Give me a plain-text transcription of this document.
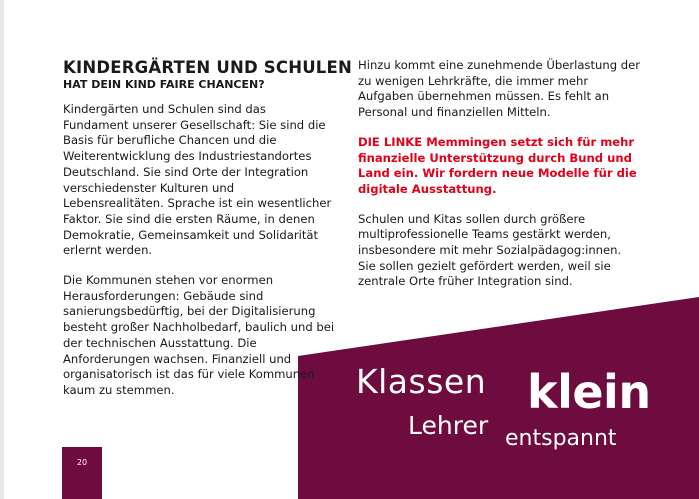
KINDERGÄRTEN UND SCHULEN
HAT DEIN KIND FAIRE CHANCEN?

Kindergärten und Schulen sind das Fundament unserer Gesellschaft: Sie sind die Basis für berufliche Chancen und die Weiterentwicklung des Industriestandortes Deutschland. Sie sind Orte der Integration verschiedenster Kulturen und Lebensrealitäten. Sprache ist ein wesentlicher Faktor. Sie sind die ersten Räume, in denen Demokratie, Gemeinsamkeit und Solidarität erlernt werden.

Die Kommunen stehen vor enormen Herausforderungen: Gebäude sind sanierungsbedürftig, bei der Digitalisierung besteht großer Nachholbedarf, baulich und bei der technischen Ausstattung. Die Anforderungen wachsen. Finanziell und organisatorisch ist das für viele Kommunen kaum zu stemmen.

Hinzu kommt eine zunehmende Überlastung der zu wenigen Lehrkräfte, die immer mehr Aufgaben übernehmen müssen. Es fehlt an Personal und finanziellen Mitteln.

DIE LINKE Memmingen setzt sich für mehr finanzielle Unterstützung durch Bund und Land ein. Wir fordern neue Modelle für die digitale Ausstattung.

Schulen und Kitas sollen durch größere multiprofessionelle Teams gestärkt werden, insbesondere mit mehr Sozialpädagog:innen. Sie sollen gezielt gefördert werden, weil sie zentrale Orte früher Integration sind.

Klassen klein
Lehrer entspannt
20
